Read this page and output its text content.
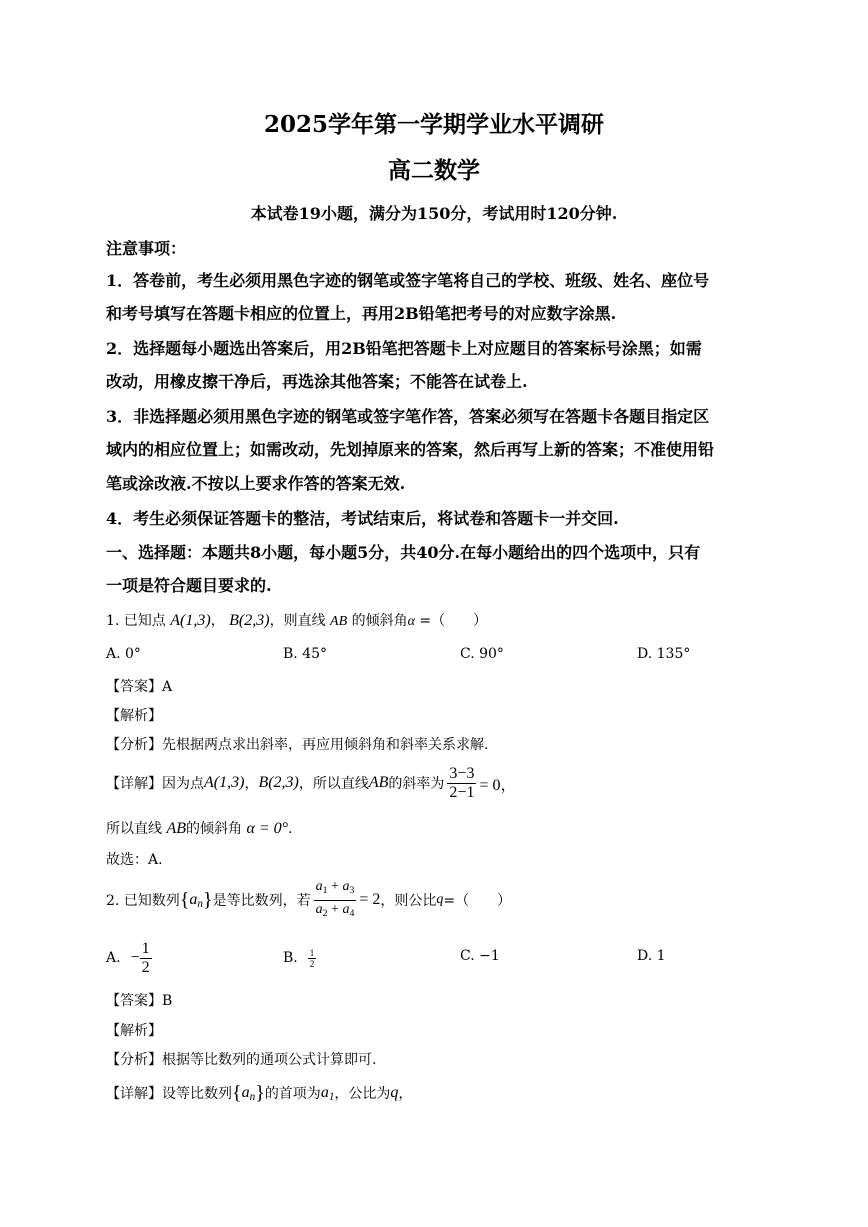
2025学年第一学期学业水平调研
高二数学
本试卷19小题，满分为150分，考试用时120分钟.
注意事项：
1．答卷前，考生必须用黑色字迹的钢笔或签字笔将自己的学校、班级、姓名、座位号
和考号填写在答题卡相应的位置上，再用2B铅笔把考号的对应数字涂黑.
2．选择题每小题选出答案后，用2B铅笔把答题卡上对应题目的答案标号涂黑；如需
改动，用橡皮擦干净后，再选涂其他答案；不能答在试卷上.
3．非选择题必须用黑色字迹的钢笔或签字笔作答，答案必须写在答题卡各题目指定区
域内的相应位置上；如需改动，先划掉原来的答案，然后再写上新的答案；不准使用铅
笔或涂改液.不按以上要求作答的答案无效.
4．考生必须保证答题卡的整洁，考试结束后，将试卷和答题卡一并交回.
一、选择题：本题共8小题，每小题5分，共40分.在每小题给出的四个选项中，只有
一项是符合题目要求的.
1. 已知点 A(1,3)， B(2,3)，则直线 AB 的倾斜角α =（　　）
A. 0°	B. 45°	C. 90°	D. 135°
【答案】A
【解析】
【分析】先根据两点求出斜率，再应用倾斜角和斜率关系求解.
【详解】因为点 A(1,3) ， B(2,3) ，所以直线 AB 的斜率为 $\frac{3-3}{2-1} = 0$，
所以直线 AB的倾斜角 α = 0°.
故选：A.
2. 已知数列 { $a_n$ } 是等比数列，若 $\frac{a_1 + a_3}{a_2 + a_4} = 2$ ，则公比 q =（　　）
A. − $\frac{1}{2}$	B. $\frac{1}{2}$	C. −1	D. 1
【答案】B
【解析】
【分析】根据等比数列的通项公式计算即可.
【详解】设等比数列 { $a_n$ } 的首项为 $a_1$ ，公比为 q ，
